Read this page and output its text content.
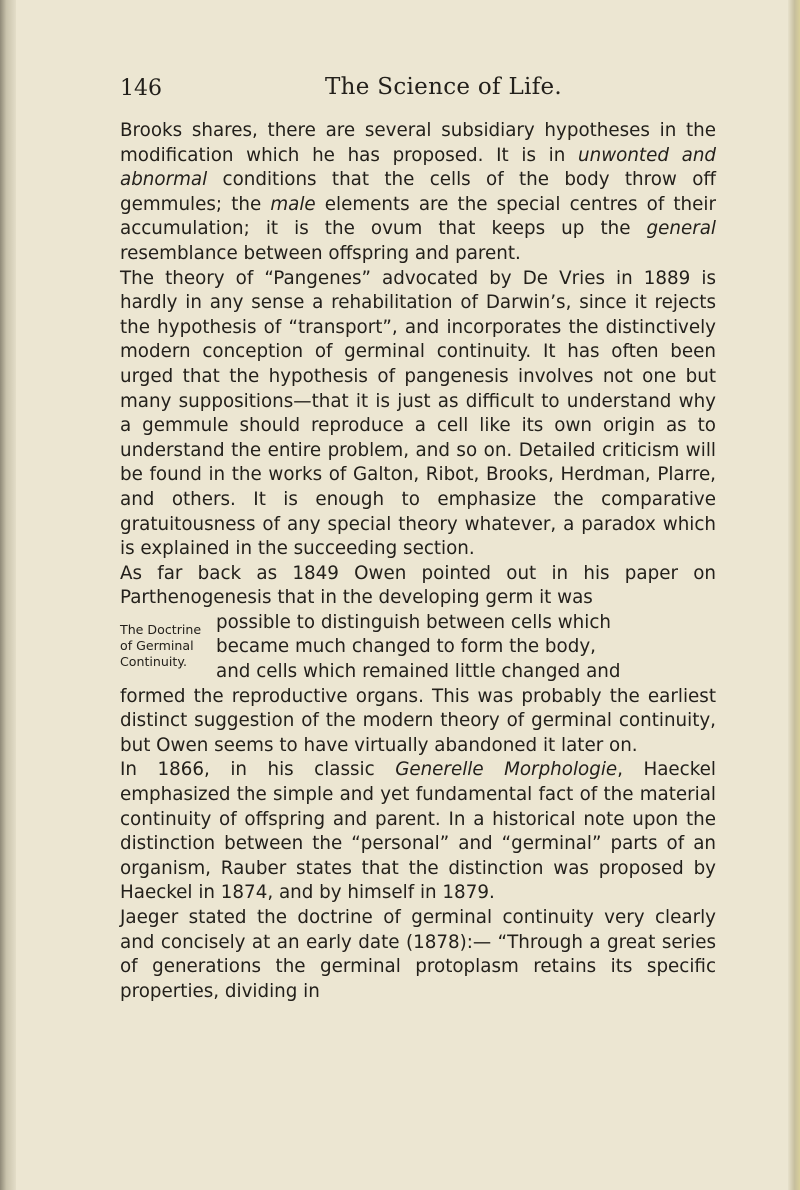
146	The Science of Life.

Brooks shares, there are several subsidiary hypotheses in the modification which he has proposed. It is in unwonted and abnormal conditions that the cells of the body throw off gemmules; the male elements are the special centres of their accumulation; it is the ovum that keeps up the general resemblance between offspring and parent.

The theory of “Pangenes” advocated by De Vries in 1889 is hardly in any sense a rehabilitation of Darwin’s, since it rejects the hypothesis of “transport”, and incorporates the distinctively modern conception of germinal continuity. It has often been urged that the hypothesis of pangenesis involves not one but many suppositions—that it is just as difficult to understand why a gemmule should reproduce a cell like its own origin as to understand the entire problem, and so on. Detailed criticism will be found in the works of Galton, Ribot, Brooks, Herdman, Plarre, and others. It is enough to emphasize the comparative gratuitousness of any special theory whatever, a paradox which is explained in the succeeding section.

As far back as 1849 Owen pointed out in his paper on Parthenogenesis that in the developing germ it was

The Doctrine
of Germinal
Continuity.
possible to distinguish between cells which
became much changed to form the body,
and cells which remained little changed and

formed the reproductive organs. This was probably the earliest distinct suggestion of the modern theory of germinal continuity, but Owen seems to have virtually abandoned it later on.

In 1866, in his classic Generelle Morphologie, Haeckel emphasized the simple and yet fundamental fact of the material continuity of offspring and parent. In a historical note upon the distinction between the “personal” and “germinal” parts of an organism, Rauber states that the distinction was proposed by Haeckel in 1874, and by himself in 1879.

Jaeger stated the doctrine of germinal continuity very clearly and concisely at an early date (1878):— “Through a great series of generations the germinal protoplasm retains its specific properties, dividing in
